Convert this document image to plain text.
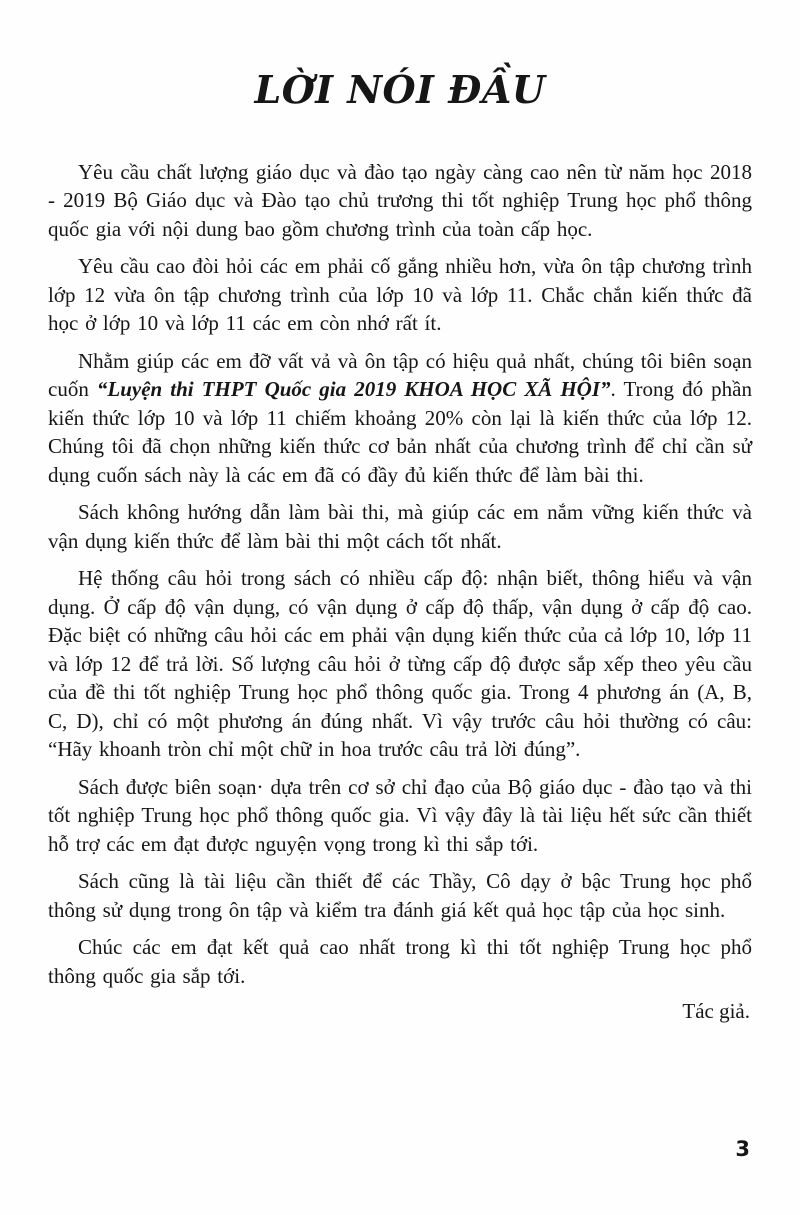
LỜI NÓI ĐẦU

Yêu cầu chất lượng giáo dục và đào tạo ngày càng cao nên từ năm học 2018 - 2019 Bộ Giáo dục và Đào tạo chủ trương thi tốt nghiệp Trung học phổ thông quốc gia với nội dung bao gồm chương trình của toàn cấp học.

Yêu cầu cao đòi hỏi các em phải cố gắng nhiều hơn, vừa ôn tập chương trình lớp 12 vừa ôn tập chương trình của lớp 10 và lớp 11. Chắc chắn kiến thức đã học ở lớp 10 và lớp 11 các em còn nhớ rất ít.

Nhằm giúp các em đỡ vất vả và ôn tập có hiệu quả nhất, chúng tôi biên soạn cuốn “Luyện thi THPT Quốc gia 2019 KHOA HỌC XÃ HỘI”. Trong đó phần kiến thức lớp 10 và lớp 11 chiếm khoảng 20% còn lại là kiến thức của lớp 12. Chúng tôi đã chọn những kiến thức cơ bản nhất của chương trình để chỉ cần sử dụng cuốn sách này là các em đã có đầy đủ kiến thức để làm bài thi.

Sách không hướng dẫn làm bài thi, mà giúp các em nắm vững kiến thức và vận dụng kiến thức để làm bài thi một cách tốt nhất.

Hệ thống câu hỏi trong sách có nhiều cấp độ: nhận biết, thông hiểu và vận dụng. Ở cấp độ vận dụng, có vận dụng ở cấp độ thấp, vận dụng ở cấp độ cao. Đặc biệt có những câu hỏi các em phải vận dụng kiến thức của cả lớp 10, lớp 11 và lớp 12 để trả lời. Số lượng câu hỏi ở từng cấp độ được sắp xếp theo yêu cầu của đề thi tốt nghiệp Trung học phổ thông quốc gia. Trong 4 phương án (A, B, C, D), chỉ có một phương án đúng nhất. Vì vậy trước câu hỏi thường có câu: “Hãy khoanh tròn chỉ một chữ in hoa trước câu trả lời đúng”.

Sách được biên soạn· dựa trên cơ sở chỉ đạo của Bộ giáo dục - đào tạo và thi tốt nghiệp Trung học phổ thông quốc gia. Vì vậy đây là tài liệu hết sức cần thiết hỗ trợ các em đạt được nguyện vọng trong kì thi sắp tới.

Sách cũng là tài liệu cần thiết để các Thầy, Cô dạy ở bậc Trung học phổ thông sử dụng trong ôn tập và kiểm tra đánh giá kết quả học tập của học sinh.

Chúc các em đạt kết quả cao nhất trong kì thi tốt nghiệp Trung học phổ thông quốc gia sắp tới.

Tác giả.
3
